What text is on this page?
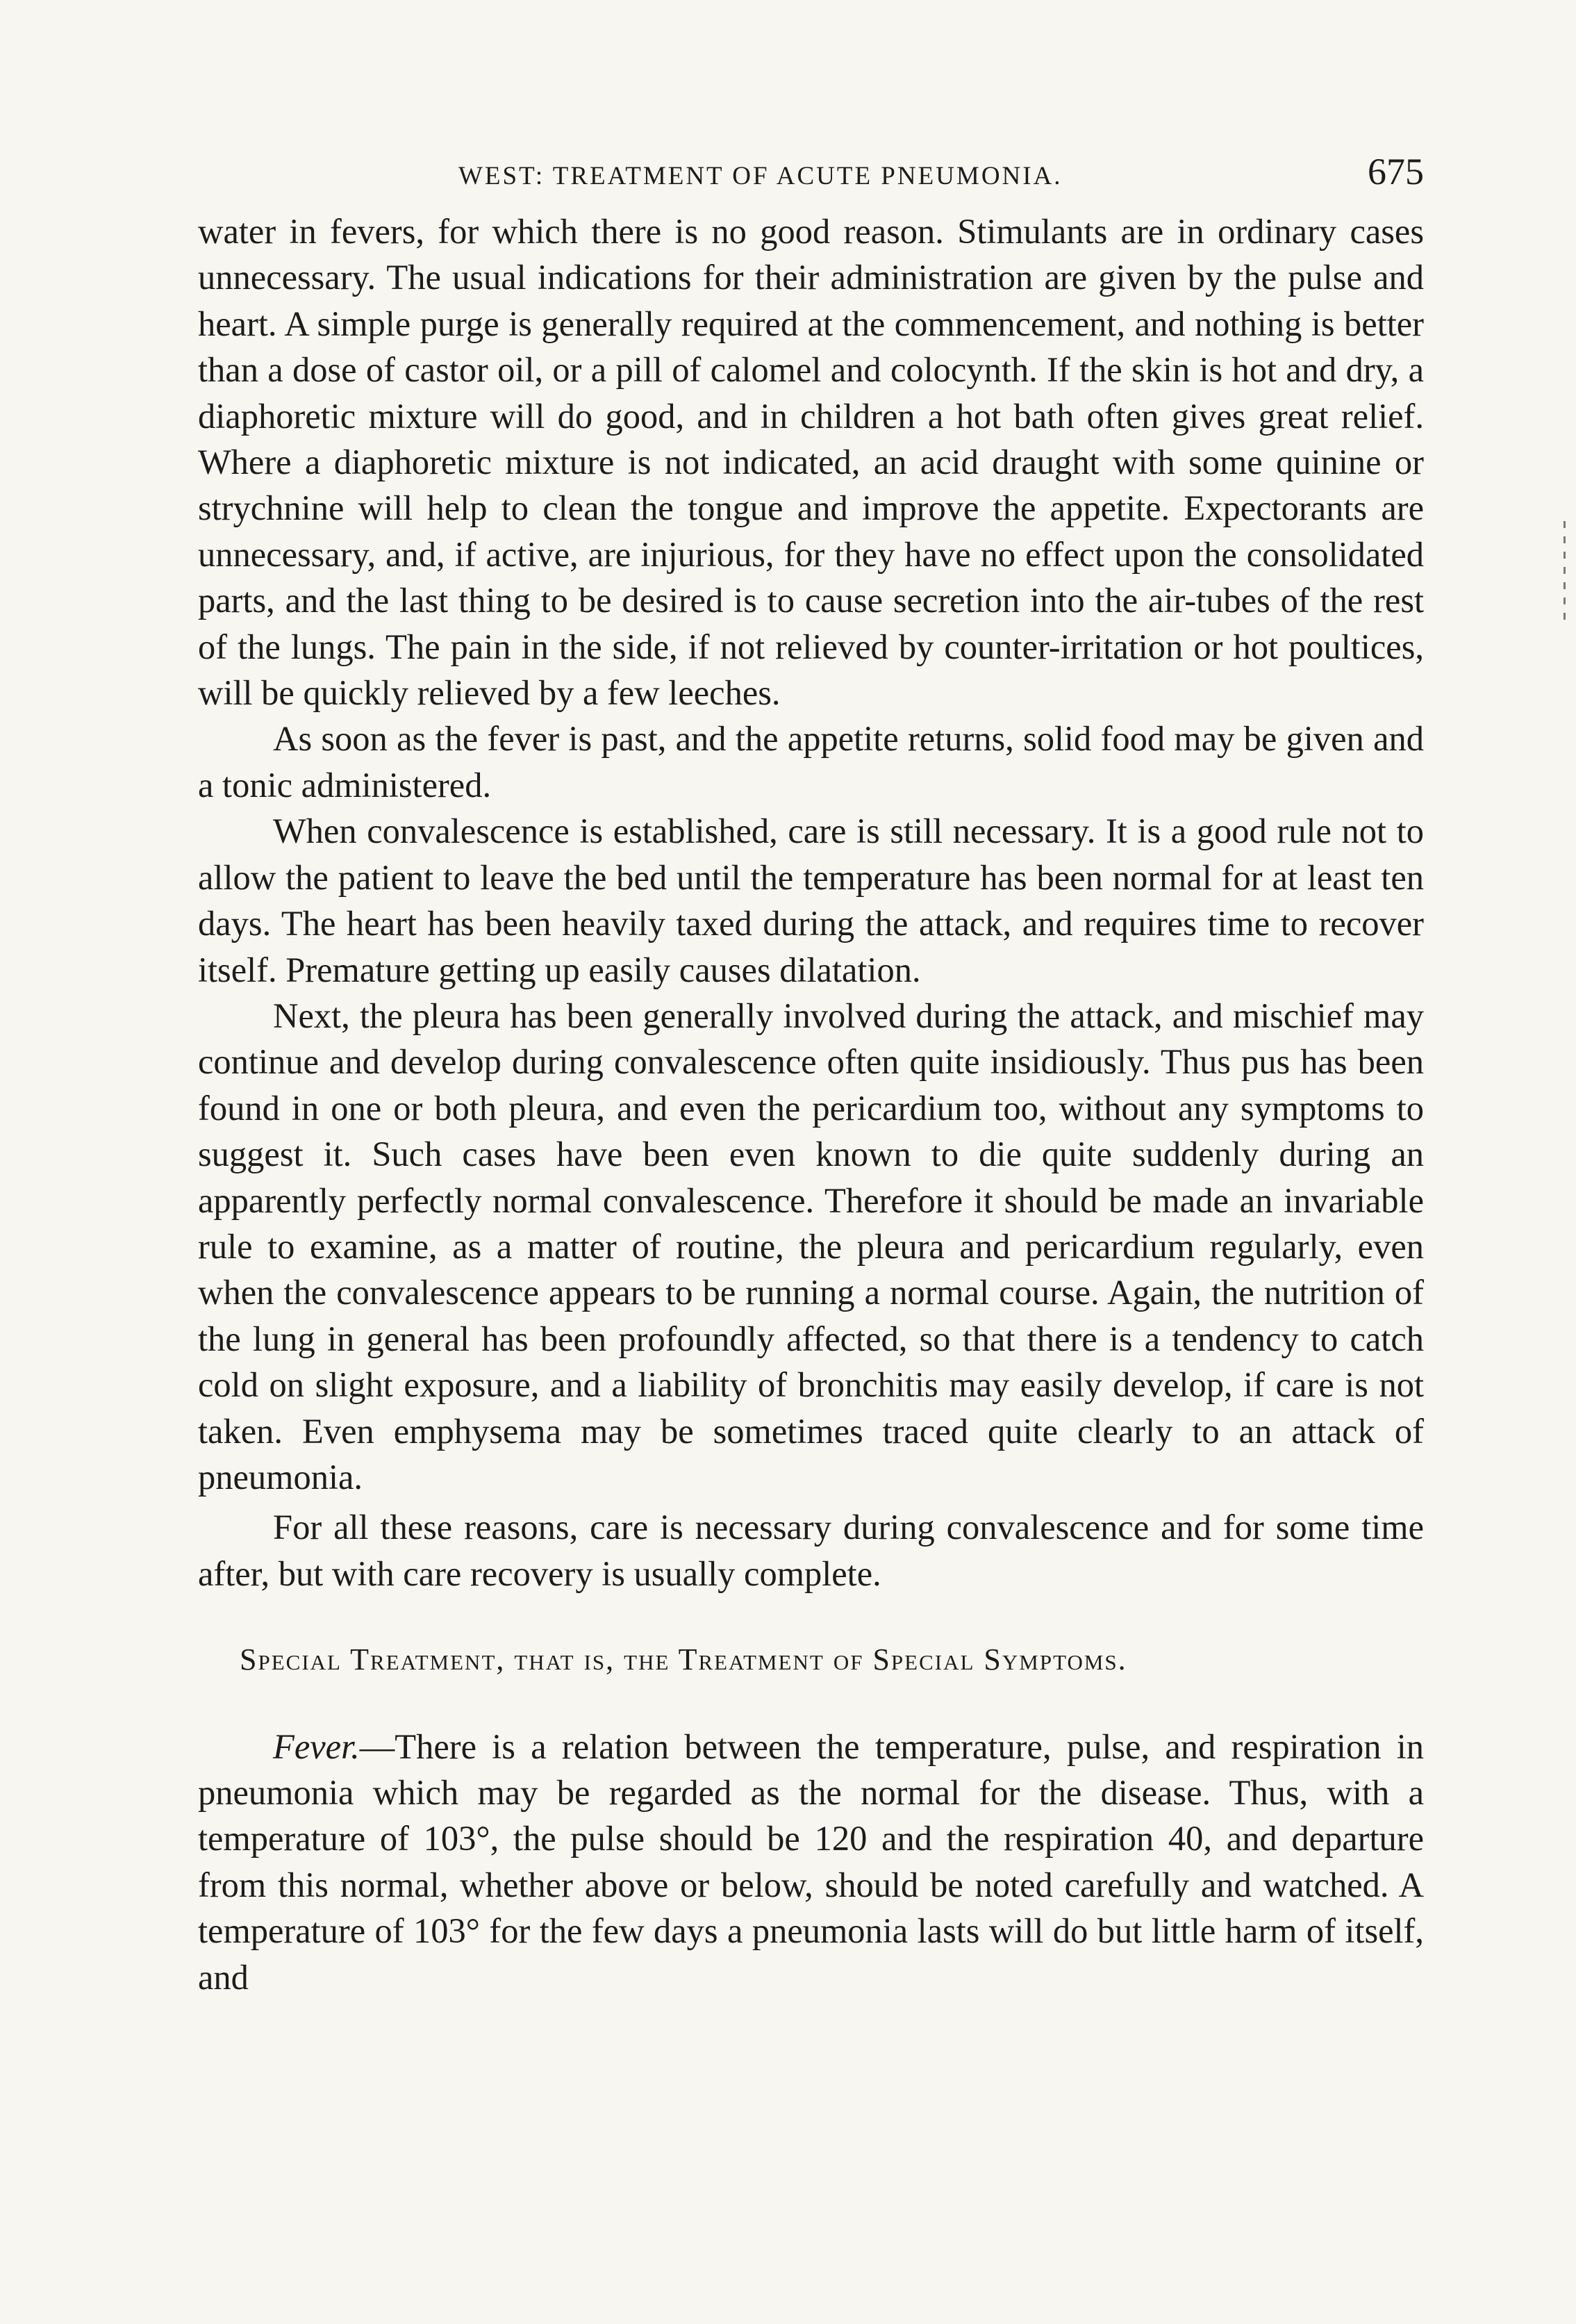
WEST: TREATMENT OF ACUTE PNEUMONIA.	675

water in fevers, for which there is no good reason. Stimulants are in ordinary cases unnecessary. The usual indications for their administration are given by the pulse and heart. A simple purge is generally required at the commencement, and nothing is better than a dose of castor oil, or a pill of calomel and colocynth. If the skin is hot and dry, a diaphoretic mixture will do good, and in children a hot bath often gives great relief. Where a diaphoretic mixture is not indicated, an acid draught with some quinine or strychnine will help to clean the tongue and improve the appetite. Expectorants are unnecessary, and, if active, are injurious, for they have no effect upon the consolidated parts, and the last thing to be desired is to cause secretion into the air-tubes of the rest of the lungs. The pain in the side, if not relieved by counter-irritation or hot poultices, will be quickly relieved by a few leeches.

As soon as the fever is past, and the appetite returns, solid food may be given and a tonic administered.

When convalescence is established, care is still necessary. It is a good rule not to allow the patient to leave the bed until the temperature has been normal for at least ten days. The heart has been heavily taxed during the attack, and requires time to recover itself. Premature getting up easily causes dilatation.

Next, the pleura has been generally involved during the attack, and mischief may continue and develop during convalescence often quite insidiously. Thus pus has been found in one or both pleura, and even the pericardium too, without any symptoms to suggest it. Such cases have been even known to die quite suddenly during an apparently perfectly normal convalescence. Therefore it should be made an invariable rule to examine, as a matter of routine, the pleura and pericardium regularly, even when the convalescence appears to be running a normal course. Again, the nutrition of the lung in general has been profoundly affected, so that there is a tendency to catch cold on slight exposure, and a liability of bronchitis may easily develop, if care is not taken. Even emphysema may be sometimes traced quite clearly to an attack of pneumonia.

For all these reasons, care is necessary during convalescence and for some time after, but with care recovery is usually complete.

Special Treatment, that is, the Treatment of Special Symptoms.

Fever.—There is a relation between the temperature, pulse, and respiration in pneumonia which may be regarded as the normal for the disease. Thus, with a temperature of 103°, the pulse should be 120 and the respiration 40, and departure from this normal, whether above or below, should be noted carefully and watched. A temperature of 103° for the few days a pneumonia lasts will do but little harm of itself, and
